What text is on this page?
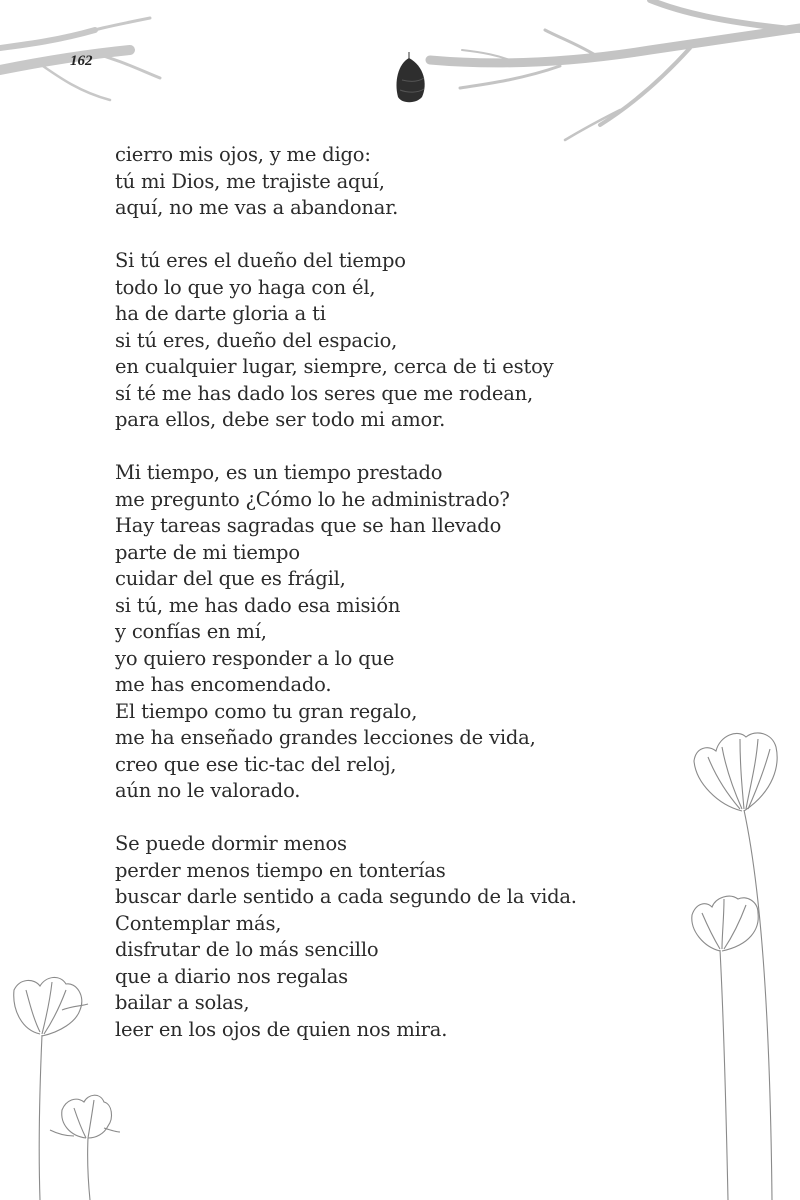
162
cierro mis ojos, y me digo:
tú mi Dios, me trajiste aquí,
aquí, no me vas a abandonar.
Si tú eres el dueño del tiempo
todo lo que yo haga con él,
ha de darte gloria a ti
si tú eres, dueño del espacio,
en cualquier lugar, siempre, cerca de ti estoy
sí té me has dado los seres que me rodean,
para ellos, debe ser todo mi amor.
Mi tiempo, es un tiempo prestado
me pregunto ¿Cómo lo he administrado?
Hay tareas sagradas que se han llevado
parte de mi tiempo
cuidar del que es frágil,
si tú, me has dado esa misión
y confías en mí,
yo quiero responder a lo que
me has encomendado.
El tiempo como tu gran regalo,
me ha enseñado grandes lecciones de vida,
creo que ese tic-tac del reloj,
aún no le valorado.
Se puede dormir menos
perder menos tiempo en tonterías
buscar darle sentido a cada segundo de la vida.
Contemplar más,
disfrutar de lo más sencillo
que a diario nos regalas
bailar a solas,
leer en los ojos de quien nos mira.
